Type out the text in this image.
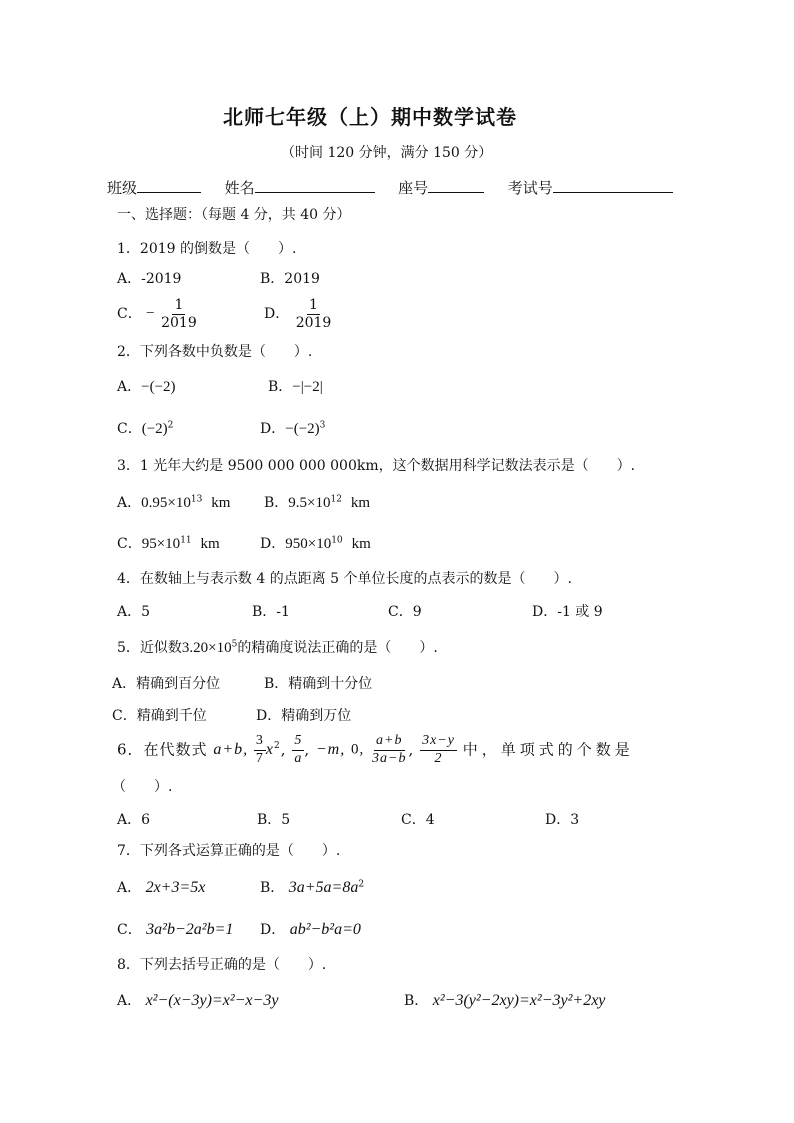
北师七年级（上）期中数学试卷
（时间 120 分钟，满分 150 分）
班级	姓名	座号	考试号
一、选择题：（每题 4 分，共 40 分）
1．2019 的倒数是（　　）.
A．-2019	B．2019
C． − $\frac{1}{2019}$	D． $\frac{1}{2019}$
2．下列各数中负数是（　　）.
A．−(−2)	B．−|−2|
C．$(-2)^2$	D．$-(-2)^3$
3．1 光年大约是 9500 000 000 000km，这个数据用科学记数法表示是（　　）.
A．$0.95\times 10^{13}$ km B．$9.5\times 10^{12}$ km
C．$95\times 10^{11}$ km	D．$950\times 10^{10}$ km
4．在数轴上与表示数 4 的点距离 5 个单位长度的点表示的数是（　　）.
A．5	B．-1	C．9	D．-1 或 9
5．近似数$3.20\times 10^5$的精确度说法正确的是（　　）.
A．精确到百分位	B．精确到十分位
C．精确到千位	D．精确到万位
6．在代数式 a+b, $\frac{3}{7} x^2$, $\frac{5}{a}$ , −m, 0, $\frac{a+b}{3a-b}$ , $\frac{3x-y}{2}$ 中，单项式的个数是
（　　）.
A．6	B．5	C．4	D．3
7．下列各式运算正确的是（　　）.
A． 2x+3=5x	B． $3a+5a=8a^2$
C． 3a²b−2a²b=1 D． ab²−b²a=0
8．下列去括号正确的是（　　）.
A． x²−(x−3y)=x²−x−3y	B． x²−3(y²−2xy)=x²−3y²+2xy
